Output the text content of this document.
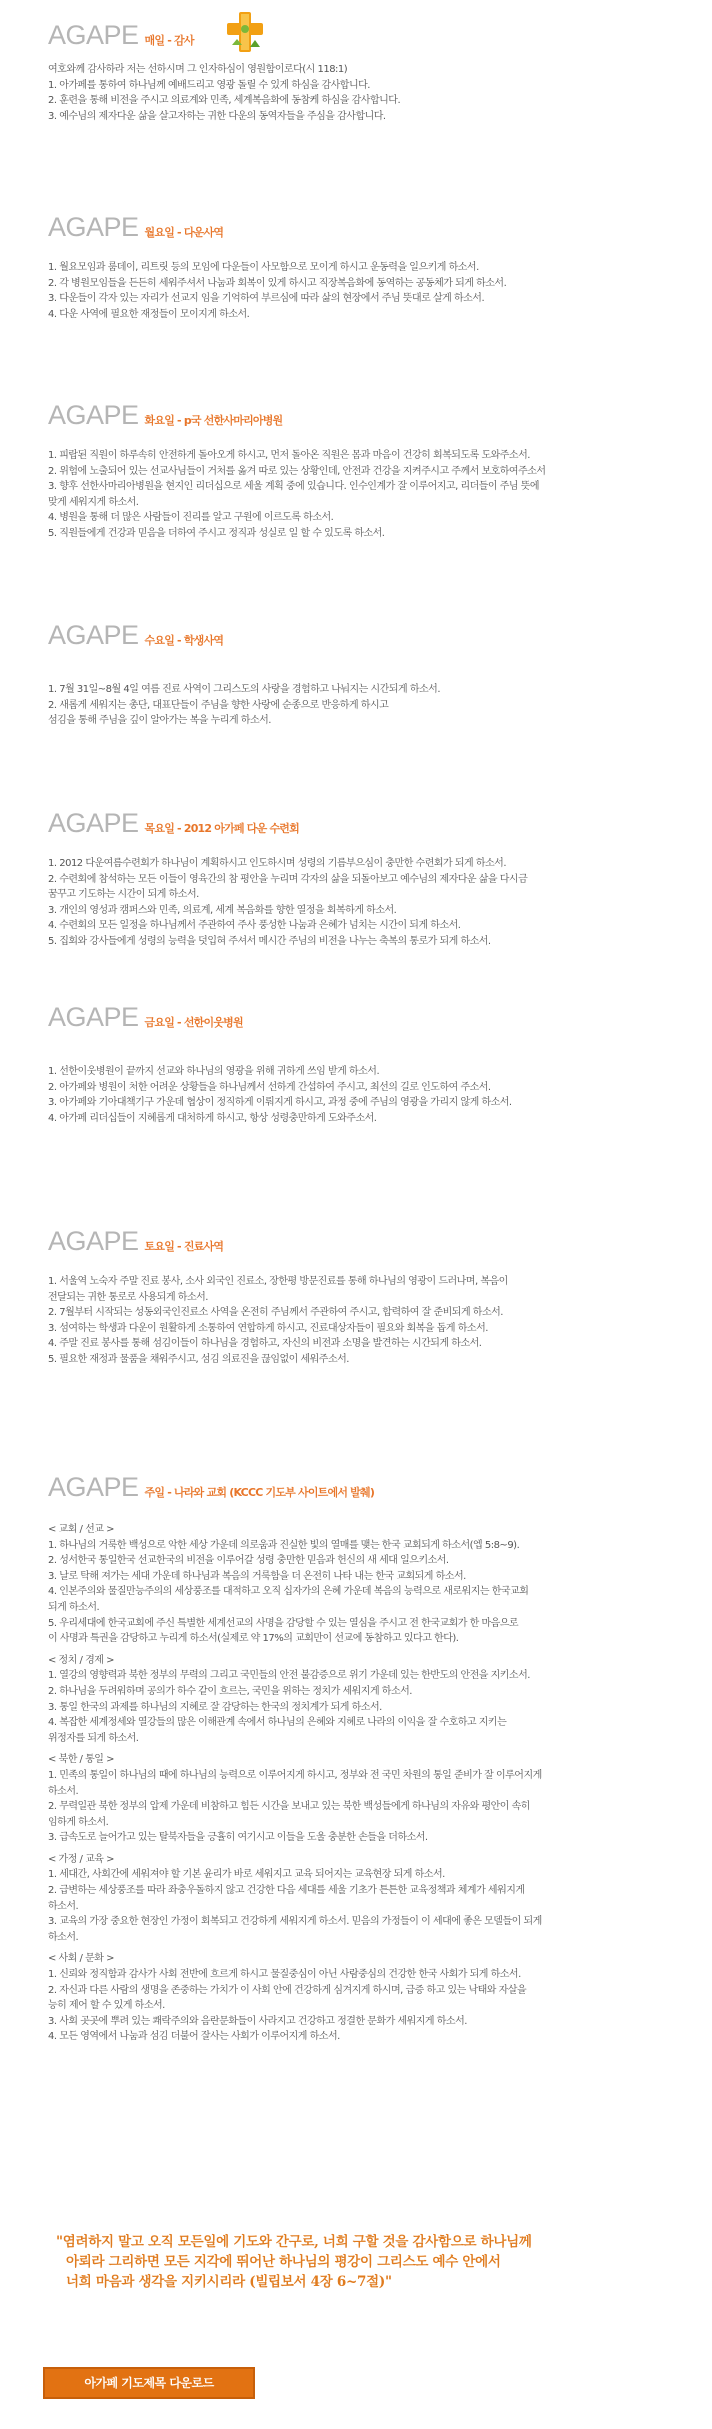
AGAPE 매일 - 감사

여호와께 감사하라 저는 선하시며 그 인자하심이 영원함이로다(시 118:1)

1. 아가페를 통하여 하나님께 예배드리고 영광 돌릴 수 있게 하심을 감사합니다.

2. 훈련을 통해 비전을 주시고 의료계와 민족, 세계복음화에 동참케 하심을 감사합니다.

3. 예수님의 제자다운 삶을 살고자하는 귀한 다운의 동역자들을 주심을 감사합니다.

AGAPE 월요일 - 다운사역

1. 월요모임과 룸데이, 리트릿 등의 모임에 다운들이 사모함으로 모이게 하시고 운동력을 일으키게 하소서.

2. 각 병원모임들을 든든히 세워주셔서 나눔과 회복이 있게 하시고 직장복음화에 동역하는 공동체가 되게 하소서.

3. 다운들이 각자 있는 자리가 선교지 임을 기억하여 부르심에 따라 삶의 현장에서 주님 뜻대로 살게 하소서.

4. 다운 사역에 필요한 재정들이 모이지게 하소서.

AGAPE 화요일 - p국 선한사마리아병원

1. 피랍된 직원이 하루속히 안전하게 돌아오게 하시고, 먼저 돌아온 직원은 몸과 마음이 건강히 회복되도록 도와주소서.

2. 위험에 노출되어 있는 선교사님들이 거처를 옮겨 따로 있는 상황인데, 안전과 건강을 지켜주시고 주께서 보호하여주소서

3. 향후 선한사마리아병원을 현지인 리더십으로 세울 계획 중에 있습니다. 인수인계가 잘 이루어지고, 리더들이 주님 뜻에

맞게 세워지게 하소서.

4. 병원을 통해 더 많은 사람들이 진리를 알고 구원에 이르도록 하소서.

5. 직원들에게 건강과 믿음을 더하여 주시고 정직과 성실로 일 할 수 있도록 하소서.

AGAPE 수요일 - 학생사역

1. 7월 31일~8월 4일 여름 진료 사역이 그리스도의 사랑을 경험하고 나눠지는 시간되게 하소서.

2. 새롭게 세워지는 총단, 대표단들이 주님을 향한 사랑에 순종으로 반응하게 하시고

섬김을 통해 주님을 깊이 알아가는 복을 누리게 하소서.

AGAPE 목요일 - 2012 아가페 다운 수련회

1. 2012 다운여름수련회가 하나님이 계획하시고 인도하시며 성령의 기름부으심이 충만한 수련회가 되게 하소서.

2. 수련회에 참석하는 모든 이들이 영육간의 참 평안을 누리며 각자의 삶을 되돌아보고 예수님의 제자다운 삶을 다시금

꿈꾸고 기도하는 시간이 되게 하소서.

3. 개인의 영성과 캠퍼스와 민족, 의료계, 세계 복음화를 향한 열정을 회복하게 하소서.

4. 수련회의 모든 일정을 하나님께서 주관하여 주사 풍성한 나눔과 은혜가 넘치는 시간이 되게 하소서.

5. 집회와 강사들에게 성령의 능력을 덧입혀 주셔서 메시간 주님의 비전을 나누는 축복의 통로가 되게 하소서.

AGAPE 금요일 - 선한이웃병원

1. 선한이웃병원이 끝까지 선교와 하나님의 영광을 위해 귀하게 쓰임 받게 하소서.

2. 아가페와 병원이 처한 어려운 상황들을 하나님께서 선하게 간섭하여 주시고, 최선의 길로 인도하여 주소서.

3. 아가페와 기아대책기구 가운데 협상이 정직하게 이뤄지게 하시고, 과정 중에 주님의 영광을 가리지 않게 하소서.

4. 아가페 리더십들이 지혜롭게 대처하게 하시고, 항상 성령충만하게 도와주소서.

AGAPE 토요일 - 진료사역

1. 서울역 노숙자 주말 진료 봉사, 소사 외국인 진료소, 장한평 방문진료를 통해 하나님의 영광이 드러나며, 복음이

전달되는 귀한 통로로 사용되게 하소서.

2. 7월부터 시작되는 성동외국인진료소 사역을 온전히 주님께서 주관하여 주시고, 합력하여 잘 준비되게 하소서.

3. 섬여하는 학생과 다운이 원활하게 소통하여 연합하게 하시고, 진료대상자들이 필요와 회복을 돕게 하소서.

4. 주말 진료 봉사를 통해 섬김이들이 하나님을 경험하고, 자신의 비전과 소명을 발견하는 시간되게 하소서.

5. 필요한 재정과 물품을 채워주시고, 섬김 의료진을 끊임없이 세워주소서.

AGAPE 주일 - 나라와 교회 (KCCC 기도부 사이트에서 발췌)

< 교회 / 선교 >

1. 하나님의 거룩한 백성으로 악한 세상 가운데 의로움과 진실한 빛의 열매를 맺는 한국 교회되게 하소서(엡 5:8~9).

2. 성서한국 통일한국 선교한국의 비전을 이루어갈 성령 충만한 믿음과 헌신의 새 세대 일으키소서.

3. 날로 탁해 져가는 세대 가운데 하나님과 복음의 거룩함을 더 온전히 나타 내는 한국 교회되게 하소서.

4. 인본주의와 물질만능주의의 세상풍조를 대적하고 오직 십자가의 은혜 가운데 복음의 능력으로 새로워지는 한국교회

되게 하소서.

5. 우리세대에 한국교회에 주신 특별한 세계선교의 사명을 감당할 수 있는 열심을 주시고 전 한국교회가 한 마음으로

이 사명과 특권을 감당하고 누리게 하소서(실제로 약 17%의 교회만이 선교에 동참하고 있다고 한다).

< 정치 / 경제 >

1. 열강의 영향력과 북한 정부의 무력의 그리고 국민들의 안전 불감증으로 위기 가운데 있는 한반도의 안전을 지키소서.

2. 하나님을 두려워하며 공의가 하수 같이 흐르는, 국민을 위하는 정치가 세워지게 하소서.

3. 통일 한국의 과제를 하나님의 지혜로 잘 감당하는 한국의 정치계가 되게 하소서.

4. 복잡한 세계정세와 열강들의 많은 이해관계 속에서 하나님의 은혜와 지혜로 나라의 이익을 잘 수호하고 지키는

위정자를 되게 하소서.

< 북한 / 통일 >

1. 민족의 통일이 하나님의 때에 하나님의 능력으로 이루어지게 하시고, 정부와 전 국민 차원의 통일 준비가 잘 이루어지게

하소서.

2. 무력일관 북한 정부의 압제 가운데 비참하고 힘든 시간을 보내고 있는 북한 백성들에게 하나님의 자유와 평안이 속히

임하게 하소서.

3. 급속도로 늘어가고 있는 탈북자들을 긍휼히 여기시고 이들을 도울 충분한 손들을 더하소서.

< 가정 / 교육 >

1. 세대간, 사회간에 세워져야 할 기본 윤리가 바로 세워지고 교육 되어지는 교육현장 되게 하소서.

2. 급변하는 세상풍조를 따라 좌충우돌하지 않고 건강한 다음 세대를 세울 기초가 튼튼한 교육정책과 체계가 세워지게

하소서.

3. 교육의 가장 중요한 현장인 가정이 회복되고 건강하게 세워지게 하소서. 믿음의 가정들이 이 세대에 좋은 모델들이 되게

하소서.

< 사회 / 문화 >

1. 신뢰와 정직함과 감사가 사회 전반에 흐르게 하시고 물질중심이 아닌 사람중심의 건강한 한국 사회가 되게 하소서.

2. 자신과 다른 사람의 생명을 존중하는 가치가 이 사회 안에 건강하게 심겨지게 하시며, 급증 하고 있는 낙태와 자살을

능히 제어 할 수 있게 하소서.

3. 사회 곳곳에 뿌려 있는 쾌락주의와 음란문화들이 사라지고 건강하고 정결한 문화가 세워지게 하소서.

4. 모든 영역에서 나눔과 섬김 더불어 잘사는 사회가 이루어지게 하소서.

"염려하지 말고 오직 모든일에 기도와 간구로, 너희 구할 것을 감사함으로 하나님께

아뢰라 그리하면 모든 지각에 뛰어난 하나님의 평강이 그리스도 예수 안에서

너희 마음과 생각을 지키시리라 (빌립보서 4장 6~7절)"

아가페 기도제목 다운로드
